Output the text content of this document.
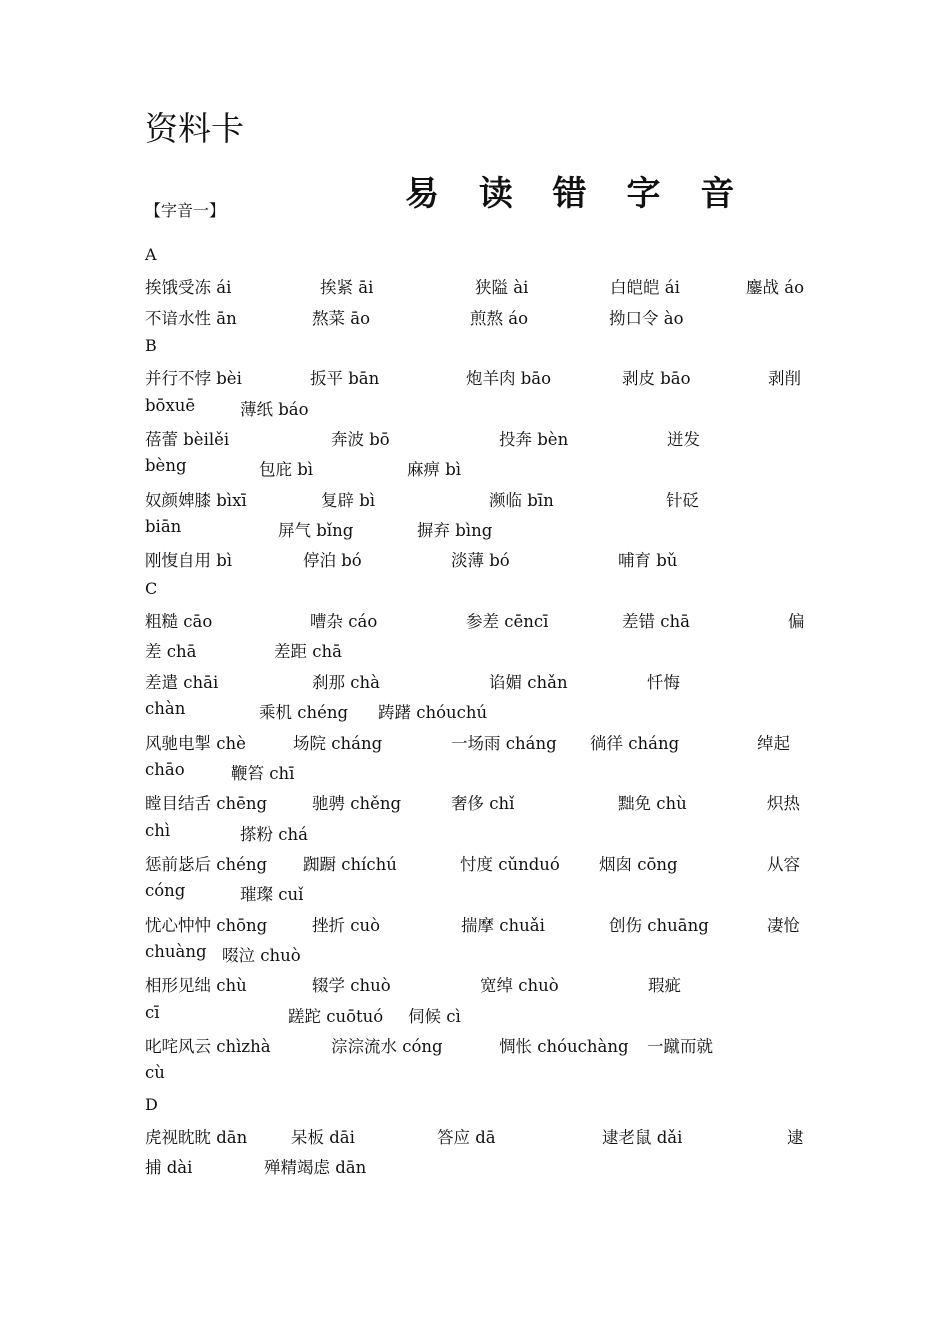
资料卡
【字音一】	易 读 错 字 音
A
挨饿受冻 ái	挨紧 āi	狭隘 ài	白皑皑 ái	鏖战 áo
不谙水性 ān	熬菜 āo	煎熬 áo	拗口令 ào
B
并行不悖 bèi	扳平 bān	炮羊肉 bāo	剥皮 bāo	剥削
bōxuē	薄纸 báo
蓓蕾 bèilěi	奔波 bō	投奔 bèn	迸发
bèng	包庇 bì	麻痹 bì
奴颜婢膝 bìxī	复辟 bì	濒临 bīn	针砭
biān	屏气 bǐng	摒弃 bìng
刚愎自用 bì	停泊 bó	淡薄 bó	哺育 bǔ
C
粗糙 cāo	嘈杂 cáo	参差 cēncī	差错 chā	偏
差 chā	差距 chā
差遣 chāi	刹那 chà	谄媚 chǎn	忏悔
chàn	乘机 chéng 踌躇 chóuchú
风驰电掣 chè	场院 cháng	一场雨 cháng 徜徉 cháng	绰起
chāo	鞭笞 chī
瞠目结舌 chēng	驰骋 chěng	奢侈 chǐ	黜免 chù	炽热
chì	搽粉 chá
惩前毖后 chéng 踟蹰 chíchú	忖度 cǔnduó 烟囱 cōng	从容
cóng	璀璨 cuǐ
忧心忡忡 chōng	挫折 cuò	揣摩 chuǎi	创伤 chuāng	凄怆
chuàng 啜泣 chuò
相形见绌 chù	辍学 chuò	宽绰 chuò	瑕疵
cī	蹉跎 cuōtuó 伺候 cì
叱咤风云 chìzhà	淙淙流水 cóng	惆怅 chóuchàng 一蹴而就
cù
D
虎视眈眈 dān	呆板 dāi	答应 dā	逮老鼠 dǎi	逮
捕 dài	殚精竭虑 dān
